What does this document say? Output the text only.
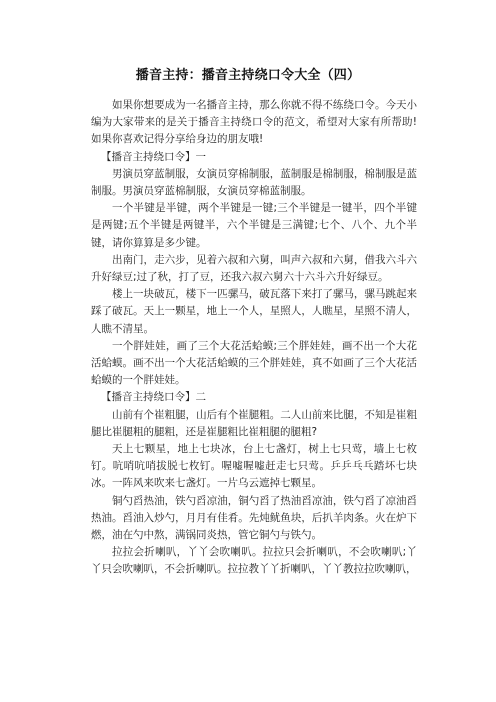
播音主持：播音主持绕口令大全（四）

如果你想要成为一名播音主持，那么你就不得不练绕口令。今天小编为大家带来的是关于播音主持绕口令的范文，希望对大家有所帮助!如果你喜欢记得分享给身边的朋友哦!

【播音主持绕口令】一

男演员穿蓝制服，女演员穿棉制服，蓝制服是棉制服，棉制服是蓝制服。男演员穿蓝棉制服，女演员穿棉蓝制服。

一个半键是半键，两个半键是一键;三个半键是一键半，四个半键是两键;五个半键是两键半，六个半键是三满键;七个、八个、九个半键，请你算算是多少键。

出南门，走六步，见着六叔和六舅，叫声六叔和六舅，借我六斗六升好绿豆;过了秋，打了豆，还我六叔六舅六十六斗六升好绿豆。

楼上一块破瓦，楼下一匹骡马，破瓦落下来打了骡马，骡马跳起来踩了破瓦。天上一颗星，地上一个人，星照人，人瞧星，星照不清人，人瞧不清星。

一个胖娃娃，画了三个大花活蛤蟆;三个胖娃娃，画不出一个大花活蛤蟆。画不出一个大花活蛤蟆的三个胖娃娃，真不如画了三个大花活蛤蟆的一个胖娃娃。

【播音主持绕口令】二

山前有个崔粗腿，山后有个崔腿粗。二人山前来比腿，不知是崔粗腿比崔腿粗的腿粗，还是崔腿粗比崔粗腿的腿粗?

天上七颗星，地上七块冰，台上七盏灯，树上七只莺，墙上七枚钉。吭哨吭哨拔脱七枚钉。喔嘘喔嘘赶走七只莺。乒乒乓乓踏坏七块冰。一阵风来吹来七盏灯。一片乌云遮掉七颗星。

铜勺舀热油，铁勺舀凉油，铜勺舀了热油舀凉油，铁勺舀了凉油舀热油。舀油入炒勺，月月有佳肴。先炖鱿鱼块，后扒羊肉条。火在炉下燃，油在勺中熬，满锅同炎热，管它铜勺与铁勺。

拉拉会折喇叭，丫丫会吹喇叭。拉拉只会折喇叭，不会吹喇叭;丫丫只会吹喇叭，不会折喇叭。拉拉教丫丫折喇叭，丫丫教拉拉吹喇叭，
